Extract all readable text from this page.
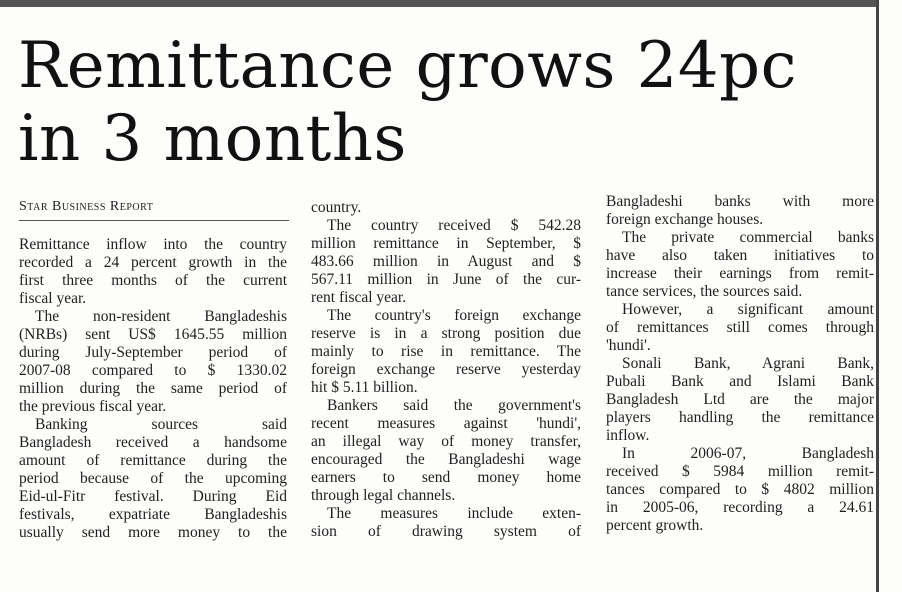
Remittance grows 24pc
in 3 months
Star Business Report
Remittance inflow into the country
recorded a 24 percent growth in the
first three months of the current
fiscal year.
The non-resident Bangladeshis
(NRBs) sent US$ 1645.55 million
during July-September period of
2007-08 compared to $ 1330.02
million during the same period of
the previous fiscal year.
Banking sources said
Bangladesh received a handsome
amount of remittance during the
period because of the upcoming
Eid-ul-Fitr festival. During Eid
festivals, expatriate Bangladeshis
usually send more money to the
country.
The country received $ 542.28
million remittance in September, $
483.66 million in August and $
567.11 million in June of the cur-
rent fiscal year.
The country's foreign exchange
reserve is in a strong position due
mainly to rise in remittance. The
foreign exchange reserve yesterday
hit $ 5.11 billion.
Bankers said the government's
recent measures against 'hundi',
an illegal way of money transfer,
encouraged the Bangladeshi wage
earners to send money home
through legal channels.
The measures include exten-
sion of drawing system of
Bangladeshi banks with more
foreign exchange houses.
The private commercial banks
have also taken initiatives to
increase their earnings from remit-
tance services, the sources said.
However, a significant amount
of remittances still comes through
'hundi'.
Sonali Bank, Agrani Bank,
Pubali Bank and Islami Bank
Bangladesh Ltd are the major
players handling the remittance
inflow.
In 2006-07, Bangladesh
received $ 5984 million remit-
tances compared to $ 4802 million
in 2005-06, recording a 24.61
percent growth.
